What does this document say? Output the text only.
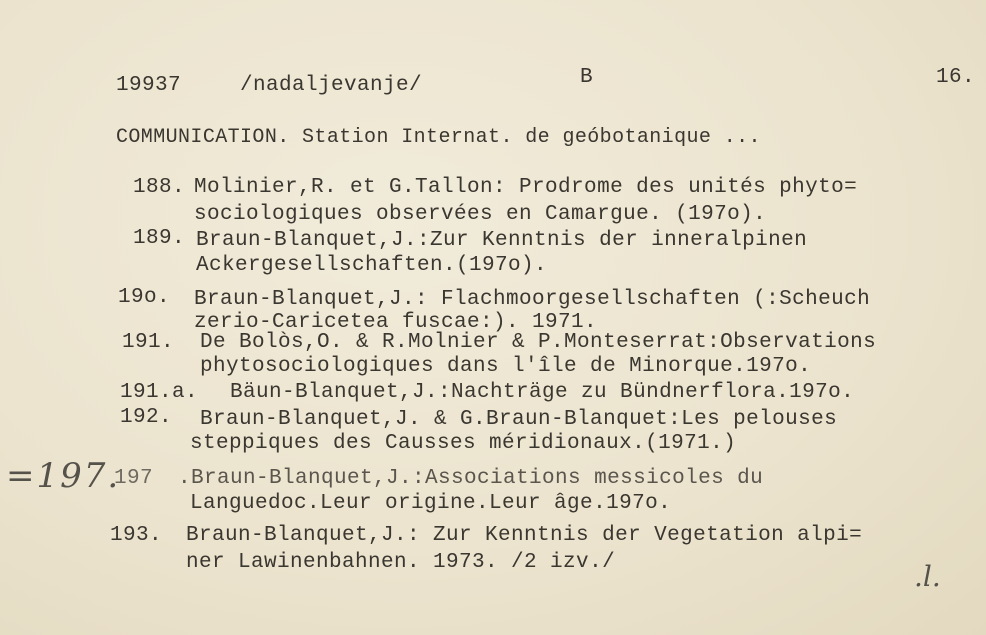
19937	/nadaljevanje/	B	16.
COMMUNICATION. Station Internat. de geóbotanique ...
188. Molinier,R. et G.Tallon: Prodrome des unités phyto=
sociologiques observées en Camargue. (197o).
189. Braun-Blanquet,J.:Zur Kenntnis der inneralpinen
Ackergesellschaften.(197o).
19o. Braun-Blanquet,J.: Flachmoorgesellschaften (:Scheuch
zerio-Caricetea fuscae:). 1971.
191. De Bolòs,O. & R.Molnier & P.Monteserrat:Observations
phytosociologiques dans l'île de Minorque.197o.
191.a. Bäun-Blanquet,J.:Nachträge zu Bündnerflora.197o.
192. Braun-Blanquet,J. & G.Braun-Blanquet:Les pelouses
steppiques des Causses méridionaux.(1971.)
=197.
197 .Braun-Blanquet,J.:Associations messicoles du
Languedoc.Leur origine.Leur âge.197o.
193. Braun-Blanquet,J.: Zur Kenntnis der Vegetation alpi=
ner Lawinenbahnen. 1973. /2 izv./	.l.
